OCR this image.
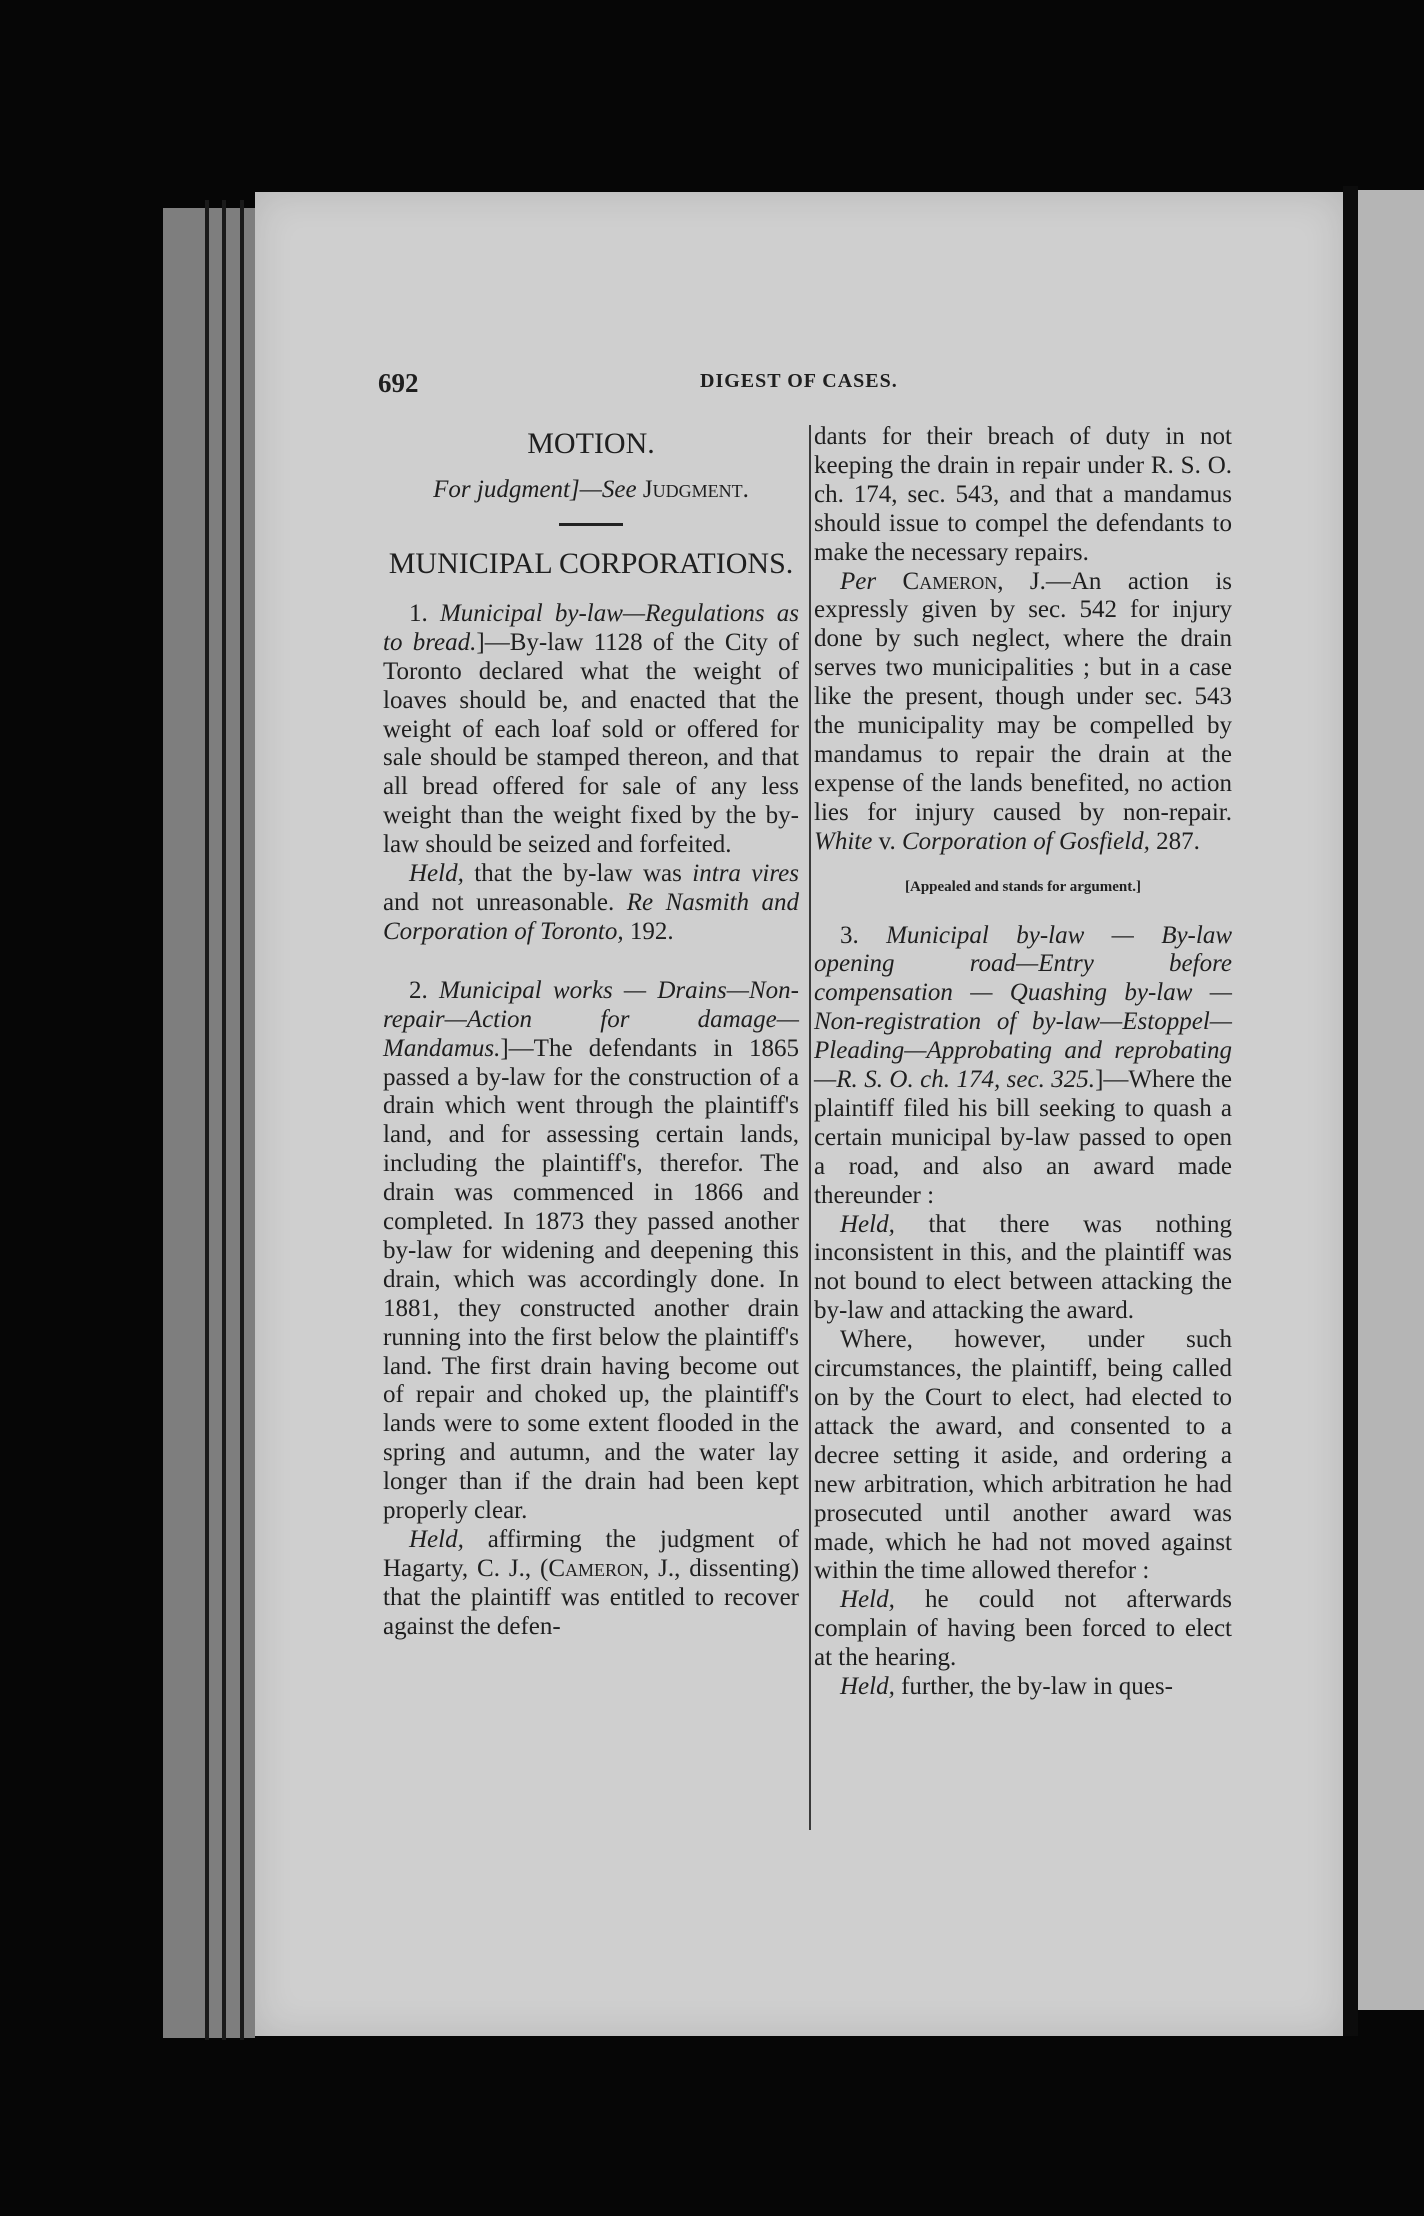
692	DIGEST OF CASES.
MOTION.
For judgment]—See Judgment.
MUNICIPAL CORPORATIONS.

1. Municipal by-law—Regulations as to bread.]—By-law 1128 of the City of Toronto declared what the weight of loaves should be, and enacted that the weight of each loaf sold or offered for sale should be stamped thereon, and that all bread offered for sale of any less weight than the weight fixed by the by-law should be seized and forfeited.

Held, that the by-law was intra vires and not unreasonable. Re Nasmith and Corporation of Toronto, 192.

2. Municipal works — Drains—Non-repair—Action for damage—Mandamus.]—The defendants in 1865 passed a by-law for the construction of a drain which went through the plaintiff's land, and for assessing certain lands, including the plaintiff's, therefor. The drain was commenced in 1866 and completed. In 1873 they passed another by-law for widening and deepening this drain, which was accordingly done. In 1881, they constructed another drain running into the first below the plaintiff's land. The first drain having become out of repair and choked up, the plaintiff's lands were to some extent flooded in the spring and autumn, and the water lay longer than if the drain had been kept properly clear.

Held, affirming the judgment of Hagarty, C. J., (Cameron, J., dissenting) that the plaintiff was entitled to recover against the defen-

dants for their breach of duty in not keeping the drain in repair under R. S. O. ch. 174, sec. 543, and that a mandamus should issue to compel the defendants to make the necessary repairs.

Per Cameron, J.—An action is expressly given by sec. 542 for injury done by such neglect, where the drain serves two municipalities ; but in a case like the present, though under sec. 543 the municipality may be compelled by mandamus to repair the drain at the expense of the lands benefited, no action lies for injury caused by non-repair. White v. Corporation of Gosfield, 287.

[Appealed and stands for argument.]

3. Municipal by-law — By-law opening road—Entry before compensation — Quashing by-law — Non-registration of by-law—Estoppel—Pleading—Approbating and reprobating—R. S. O. ch. 174, sec. 325.]—Where the plaintiff filed his bill seeking to quash a certain municipal by-law passed to open a road, and also an award made thereunder :

Held, that there was nothing inconsistent in this, and the plaintiff was not bound to elect between attacking the by-law and attacking the award.

Where, however, under such circumstances, the plaintiff, being called on by the Court to elect, had elected to attack the award, and consented to a decree setting it aside, and ordering a new arbitration, which arbitration he had prosecuted until another award was made, which he had not moved against within the time allowed therefor :

Held, he could not afterwards complain of having been forced to elect at the hearing.

Held, further, the by-law in ques-
